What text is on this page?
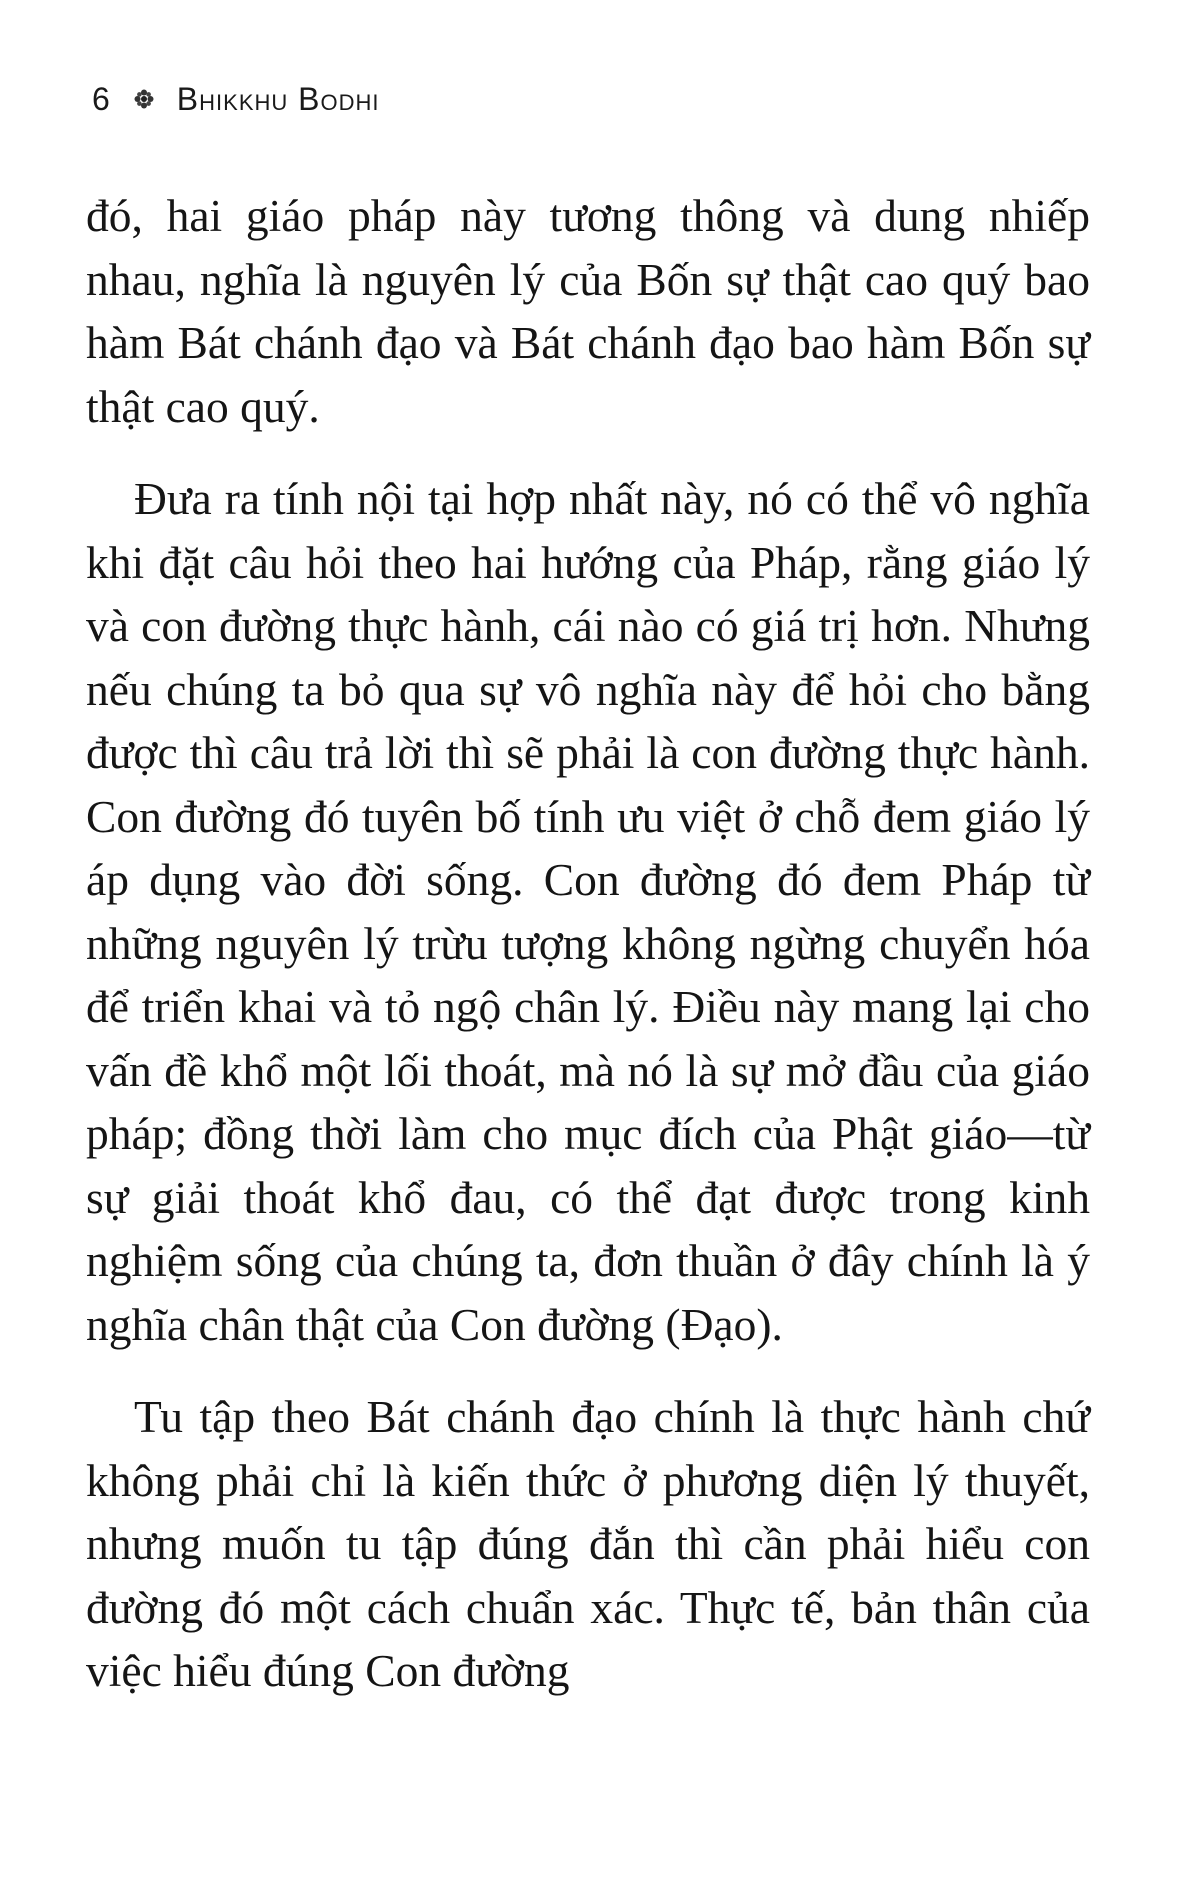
6 Bhikkhu Bodhi

đó, hai giáo pháp này tương thông và dung nhiếp nhau, nghĩa là nguyên lý của Bốn sự thật cao quý bao hàm Bát chánh đạo và Bát chánh đạo bao hàm Bốn sự thật cao quý.

Đưa ra tính nội tại hợp nhất này, nó có thể vô nghĩa khi đặt câu hỏi theo hai hướng của Pháp, rằng giáo lý và con đường thực hành, cái nào có giá trị hơn. Nhưng nếu chúng ta bỏ qua sự vô nghĩa này để hỏi cho bằng được thì câu trả lời thì sẽ phải là con đường thực hành. Con đường đó tuyên bố tính ưu việt ở chỗ đem giáo lý áp dụng vào đời sống. Con đường đó đem Pháp từ những nguyên lý trừu tượng không ngừng chuyển hóa để triển khai và tỏ ngộ chân lý. Điều này mang lại cho vấn đề khổ một lối thoát, mà nó là sự mở đầu của giáo pháp; đồng thời làm cho mục đích của Phật giáo—từ sự giải thoát khổ đau, có thể đạt được trong kinh nghiệm sống của chúng ta, đơn thuần ở đây chính là ý nghĩa chân thật của Con đường (Đạo).

Tu tập theo Bát chánh đạo chính là thực hành chứ không phải chỉ là kiến thức ở phương diện lý thuyết, nhưng muốn tu tập đúng đắn thì cần phải hiểu con đường đó một cách chuẩn xác. Thực tế, bản thân của việc hiểu đúng Con đường
